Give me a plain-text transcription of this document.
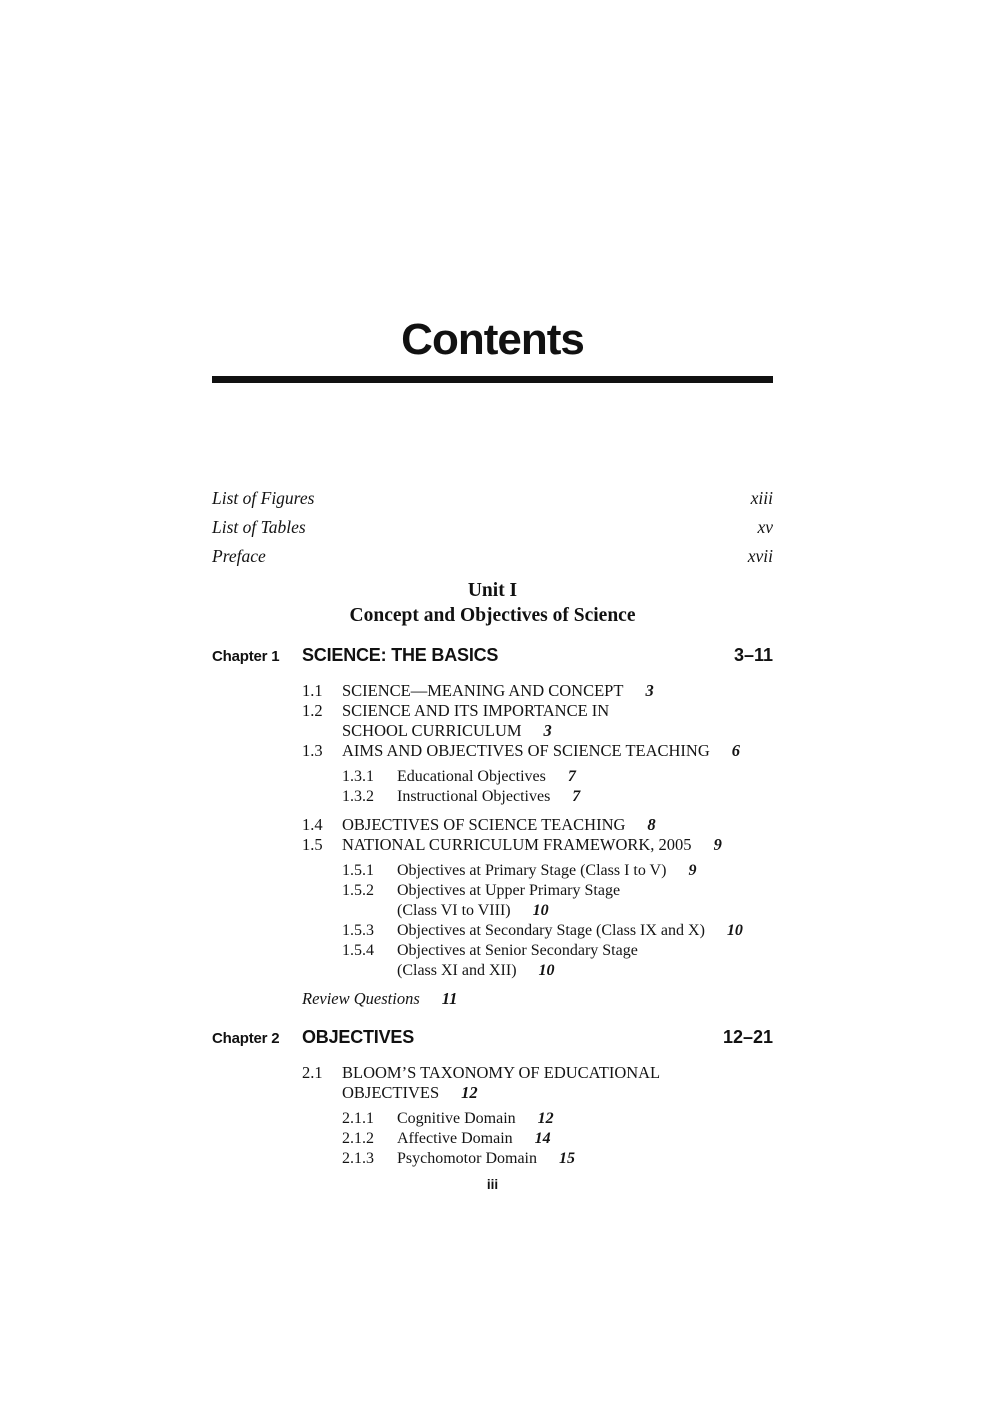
Contents
List of Figures	xiii
List of Tables	xv
Preface	xvii
Unit I
Concept and Objectives of Science
Chapter 1	SCIENCE: THE BASICS	3–11
1.1	SCIENCE—MEANING AND CONCEPT 3
1.2	SCIENCE AND ITS IMPORTANCE IN
SCHOOL CURRICULUM 3
1.3	AIMS AND OBJECTIVES OF SCIENCE TEACHING 6
1.3.1	Educational Objectives 7
1.3.2	Instructional Objectives 7
1.4	OBJECTIVES OF SCIENCE TEACHING 8
1.5	NATIONAL CURRICULUM FRAMEWORK, 2005 9
1.5.1	Objectives at Primary Stage (Class I to V) 9
1.5.2	Objectives at Upper Primary Stage
(Class VI to VIII) 10
1.5.3	Objectives at Secondary Stage (Class IX and X) 10
1.5.4	Objectives at Senior Secondary Stage
(Class XI and XII) 10
Review Questions 11
Chapter 2	OBJECTIVES	12–21
2.1	BLOOM’S TAXONOMY OF EDUCATIONAL
OBJECTIVES 12
2.1.1	Cognitive Domain 12
2.1.2	Affective Domain 14
2.1.3	Psychomotor Domain 15
iii
